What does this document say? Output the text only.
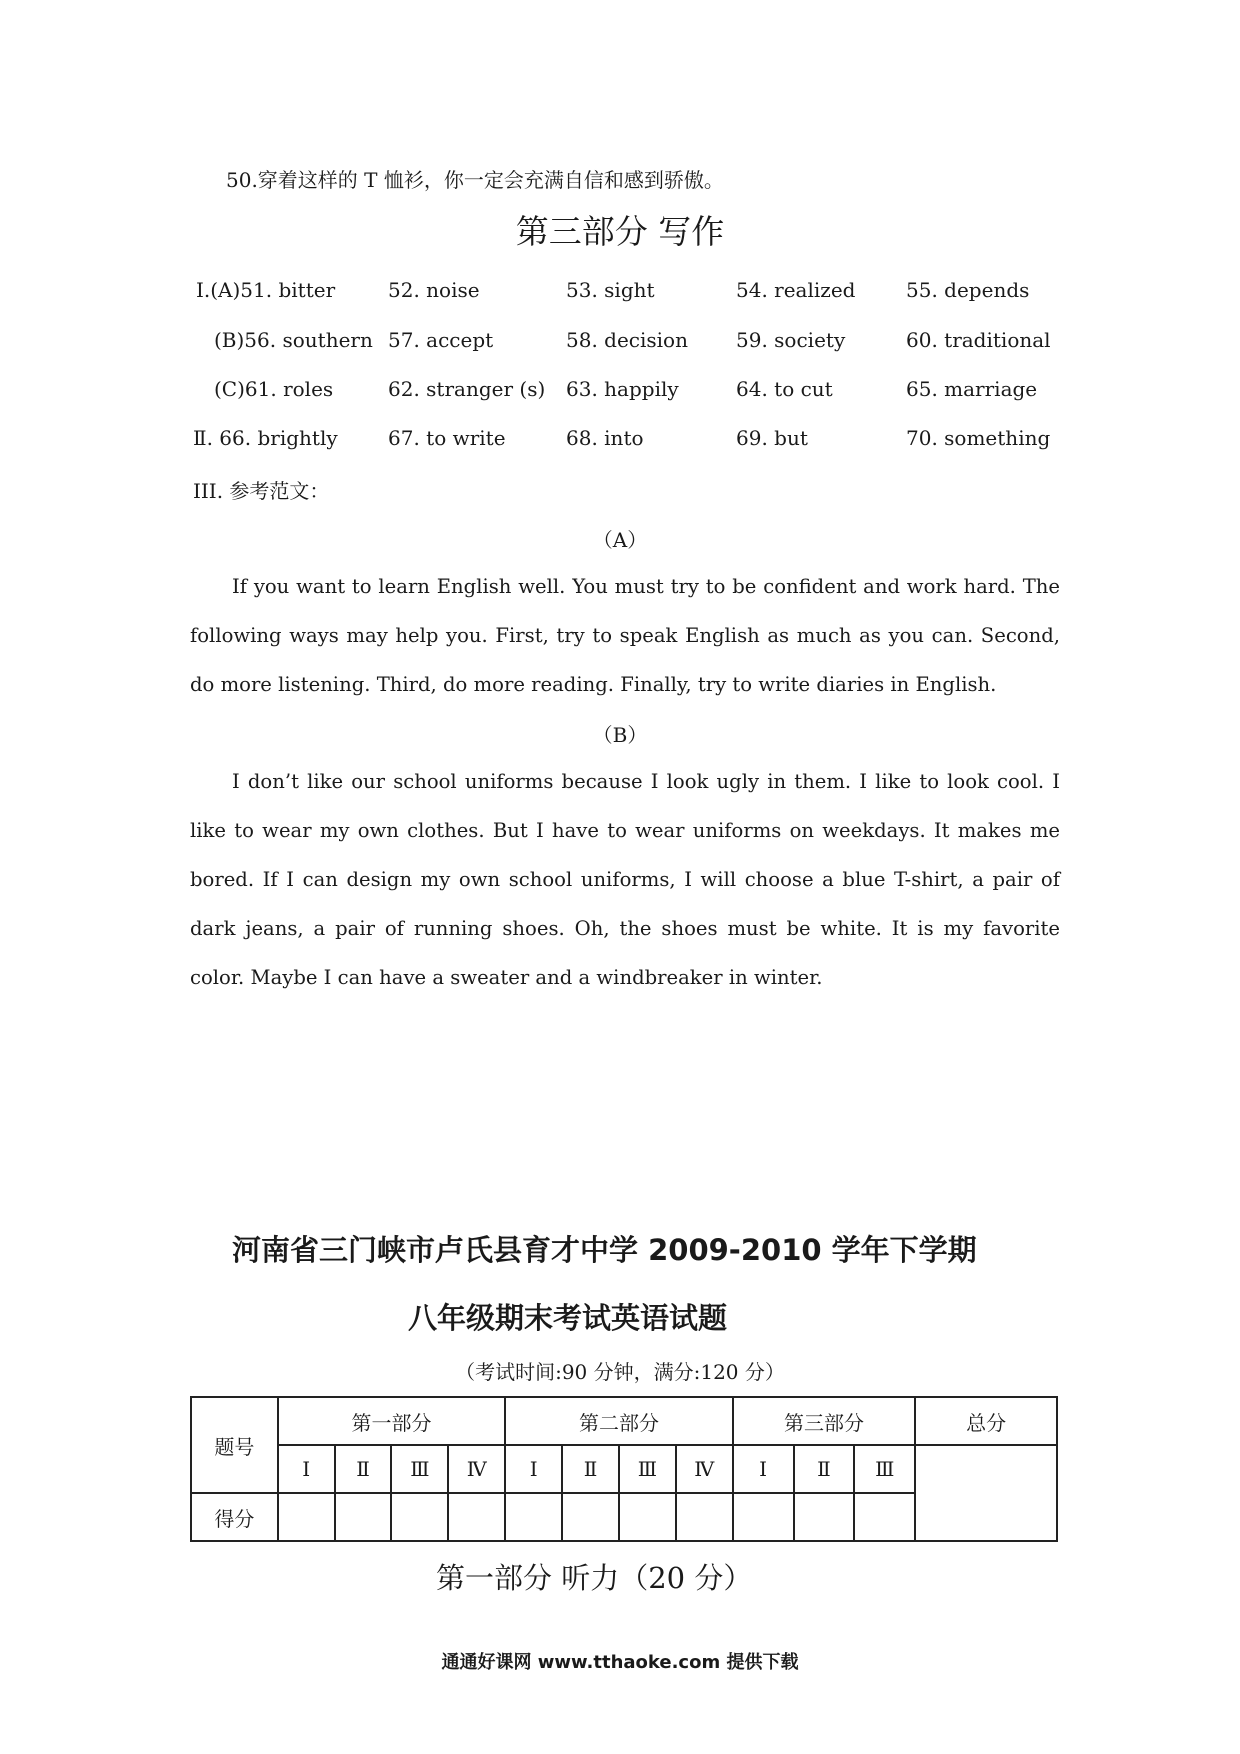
50.穿着这样的 T 恤衫，你一定会充满自信和感到骄傲。
第三部分 写作
Ⅰ.(A)51. bitter	52. noise	53. sight	54. realized	55. depends
(B)56. southern 57. accept	58. decision 59. society	60. traditional
(C)61. roles	62. stranger (s) 63. happily	64. to cut	65. marriage
Ⅱ. 66. brightly	67. to write	68. into	69. but	70. something
III. 参考范文：
（A）

If you want to learn English well. You must try to be confident and work hard. The following ways may help you. First, try to speak English as much as you can. Second, do more listening. Third, do more reading. Finally, try to write diaries in English.

（B）

I don’t like our school uniforms because I look ugly in them. I like to look cool. I like to wear my own clothes. But I have to wear uniforms on weekdays. It makes me bored. If I can design my own school uniforms, I will choose a blue T-shirt, a pair of dark jeans, a pair of running shoes. Oh, the shoes must be white. It is my favorite color. Maybe I can have a sweater and a windbreaker in winter.

河南省三门峡市卢氏县育才中学 2009-2010 学年下学期
八年级期末考试英语试题
（考试时间:90 分钟，满分:120 分）
题号	第一部分				第二部分				第三部分			总分
	Ⅰ	Ⅱ	Ⅲ	Ⅳ	Ⅰ	Ⅱ	Ⅲ	Ⅳ	Ⅰ	Ⅱ	Ⅲ	
得分												
第一部分 听力（20 分）
通通好课网 www.tthaoke.com 提供下载
